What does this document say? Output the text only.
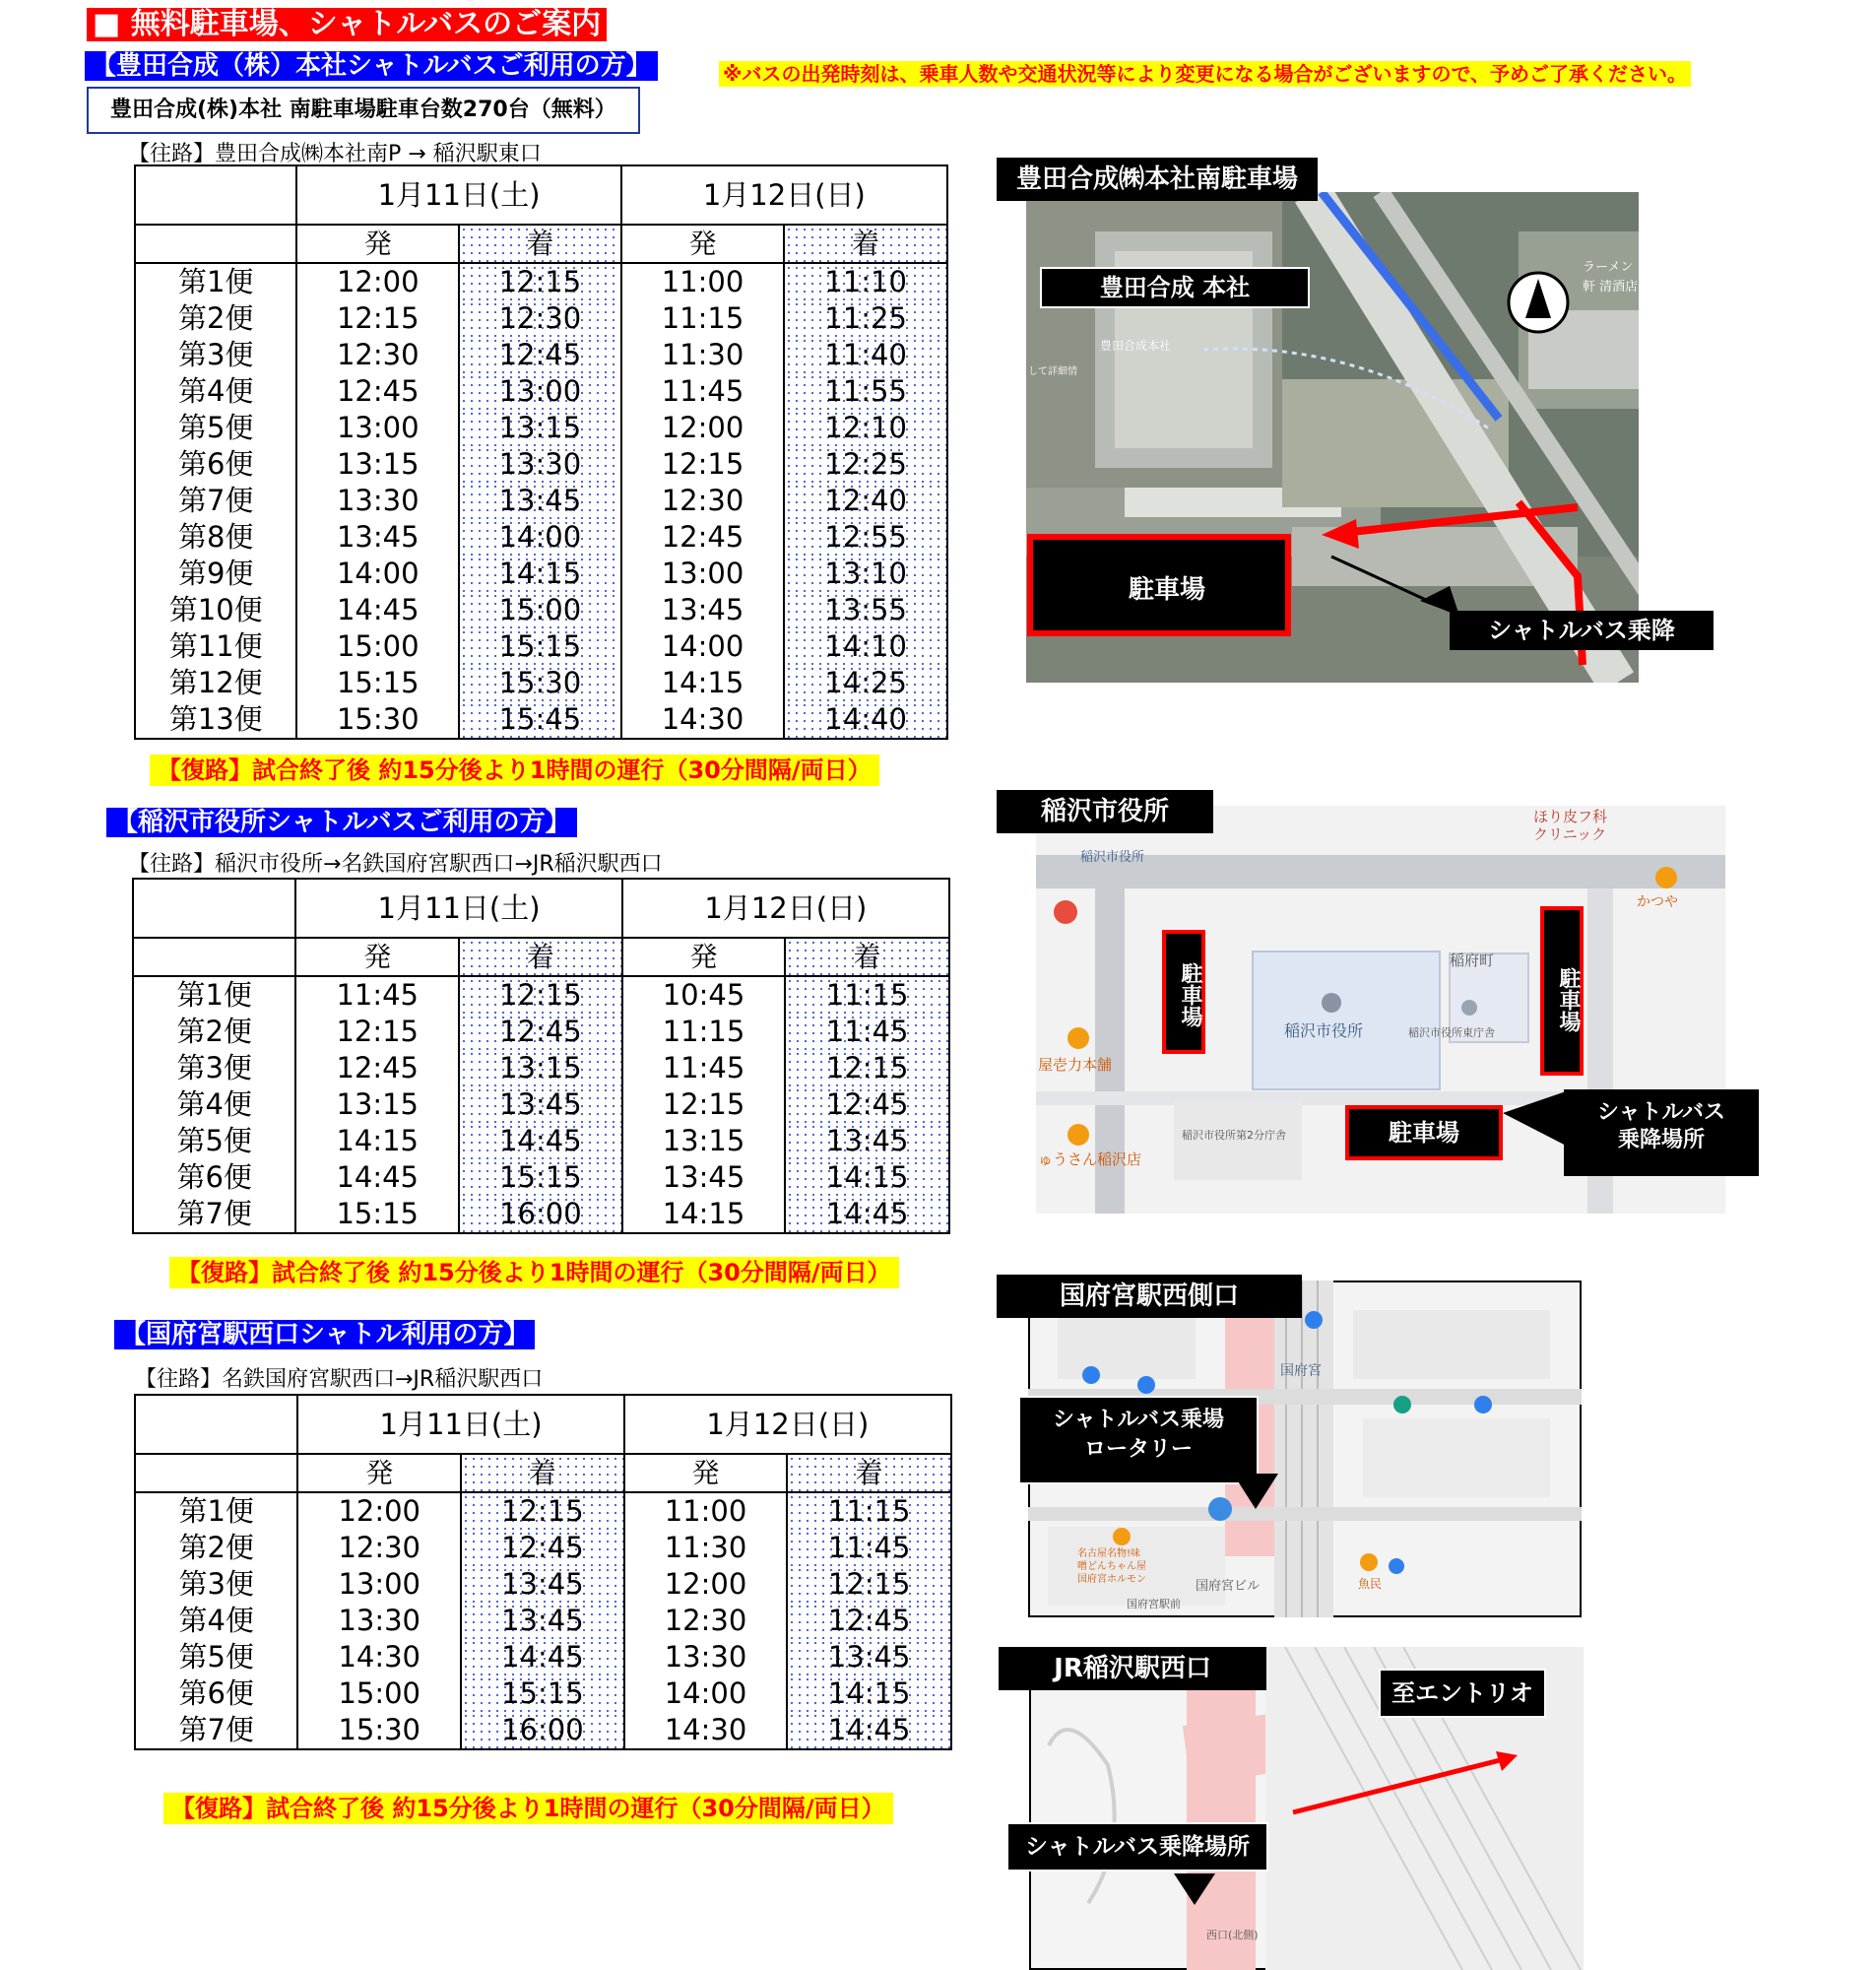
■ 無料駐車場、シャトルバスのご案内
※バスの出発時刻は、乗車人数や交通状況等により変更になる場合がございますので、予めご了承ください。
【豊田合成（株）本社シャトルバスご利用の方】
豊田合成(株)本社 南駐車場駐車台数270台（無料）
【往路】豊田合成㈱本社南P → 稲沢駅東口
	1月11日(土)		1月12日(日)	
	発	着	発	着
第1便	12:00	12:15	11:00	11:10
第2便	12:15	12:30	11:15	11:25
第3便	12:30	12:45	11:30	11:40
第4便	12:45	13:00	11:45	11:55
第5便	13:00	13:15	12:00	12:10
第6便	13:15	13:30	12:15	12:25
第7便	13:30	13:45	12:30	12:40
第8便	13:45	14:00	12:45	12:55
第9便	14:00	14:15	13:00	13:10
第10便	14:45	15:00	13:45	13:55
第11便	15:00	15:15	14:00	14:10
第12便	15:15	15:30	14:15	14:25
第13便	15:30	15:45	14:30	14:40
【復路】試合終了後 約15分後より1時間の運行（30分間隔/両日）
【稲沢市役所シャトルバスご利用の方】
【往路】稲沢市役所→名鉄国府宮駅西口→JR稲沢駅西口
	1月11日(土)		1月12日(日)	
	発	着	発	着
第1便	11:45	12:15	10:45	11:15
第2便	12:15	12:45	11:15	11:45
第3便	12:45	13:15	11:45	12:15
第4便	13:15	13:45	12:15	12:45
第5便	14:15	14:45	13:15	13:45
第6便	14:45	15:15	13:45	14:15
第7便	15:15	16:00	14:15	14:45
【復路】試合終了後 約15分後より1時間の運行（30分間隔/両日）
【国府宮駅西口シャトル利用の方】
【往路】名鉄国府宮駅西口→JR稲沢駅西口
	1月11日(土)		1月12日(日)	
	発	着	発	着
第1便	12:00	12:15	11:00	11:15
第2便	12:30	12:45	11:30	11:45
第3便	13:00	13:45	12:00	12:15
第4便	13:30	13:45	12:30	12:45
第5便	14:30	14:45	13:30	13:45
第6便	15:00	15:15	14:00	14:15
第7便	15:30	16:00	14:30	14:45
【復路】試合終了後 約15分後より1時間の運行（30分間隔/両日）
豊田合成本社
して詳細情
ラーメン
軒 清酒店
豊田合成㈱本社南駐車場
豊田合成 本社
駐車場
シャトルバス乗降
稲沢市役所
稲沢市役所	稲沢市役所東庁舎
稲沢市役所第2分庁舎
稲府町
かつや
屋壱力本舗
ゅうさん稲沢店
ほり皮フ科クリニック
稲沢市役所
駐車場	駐車場
駐車場
シャトルバス
乗降場所
国府宮
国府宮ビル	魚民
国府宮駅前
名古屋名物!味噌どんちゃん屋国府宮ホルモン
国府宮駅西側口
シャトルバス乗場
ロータリー
西口(北側)
JR稲沢駅西口
至エントリオ
シャトルバス乗降場所
